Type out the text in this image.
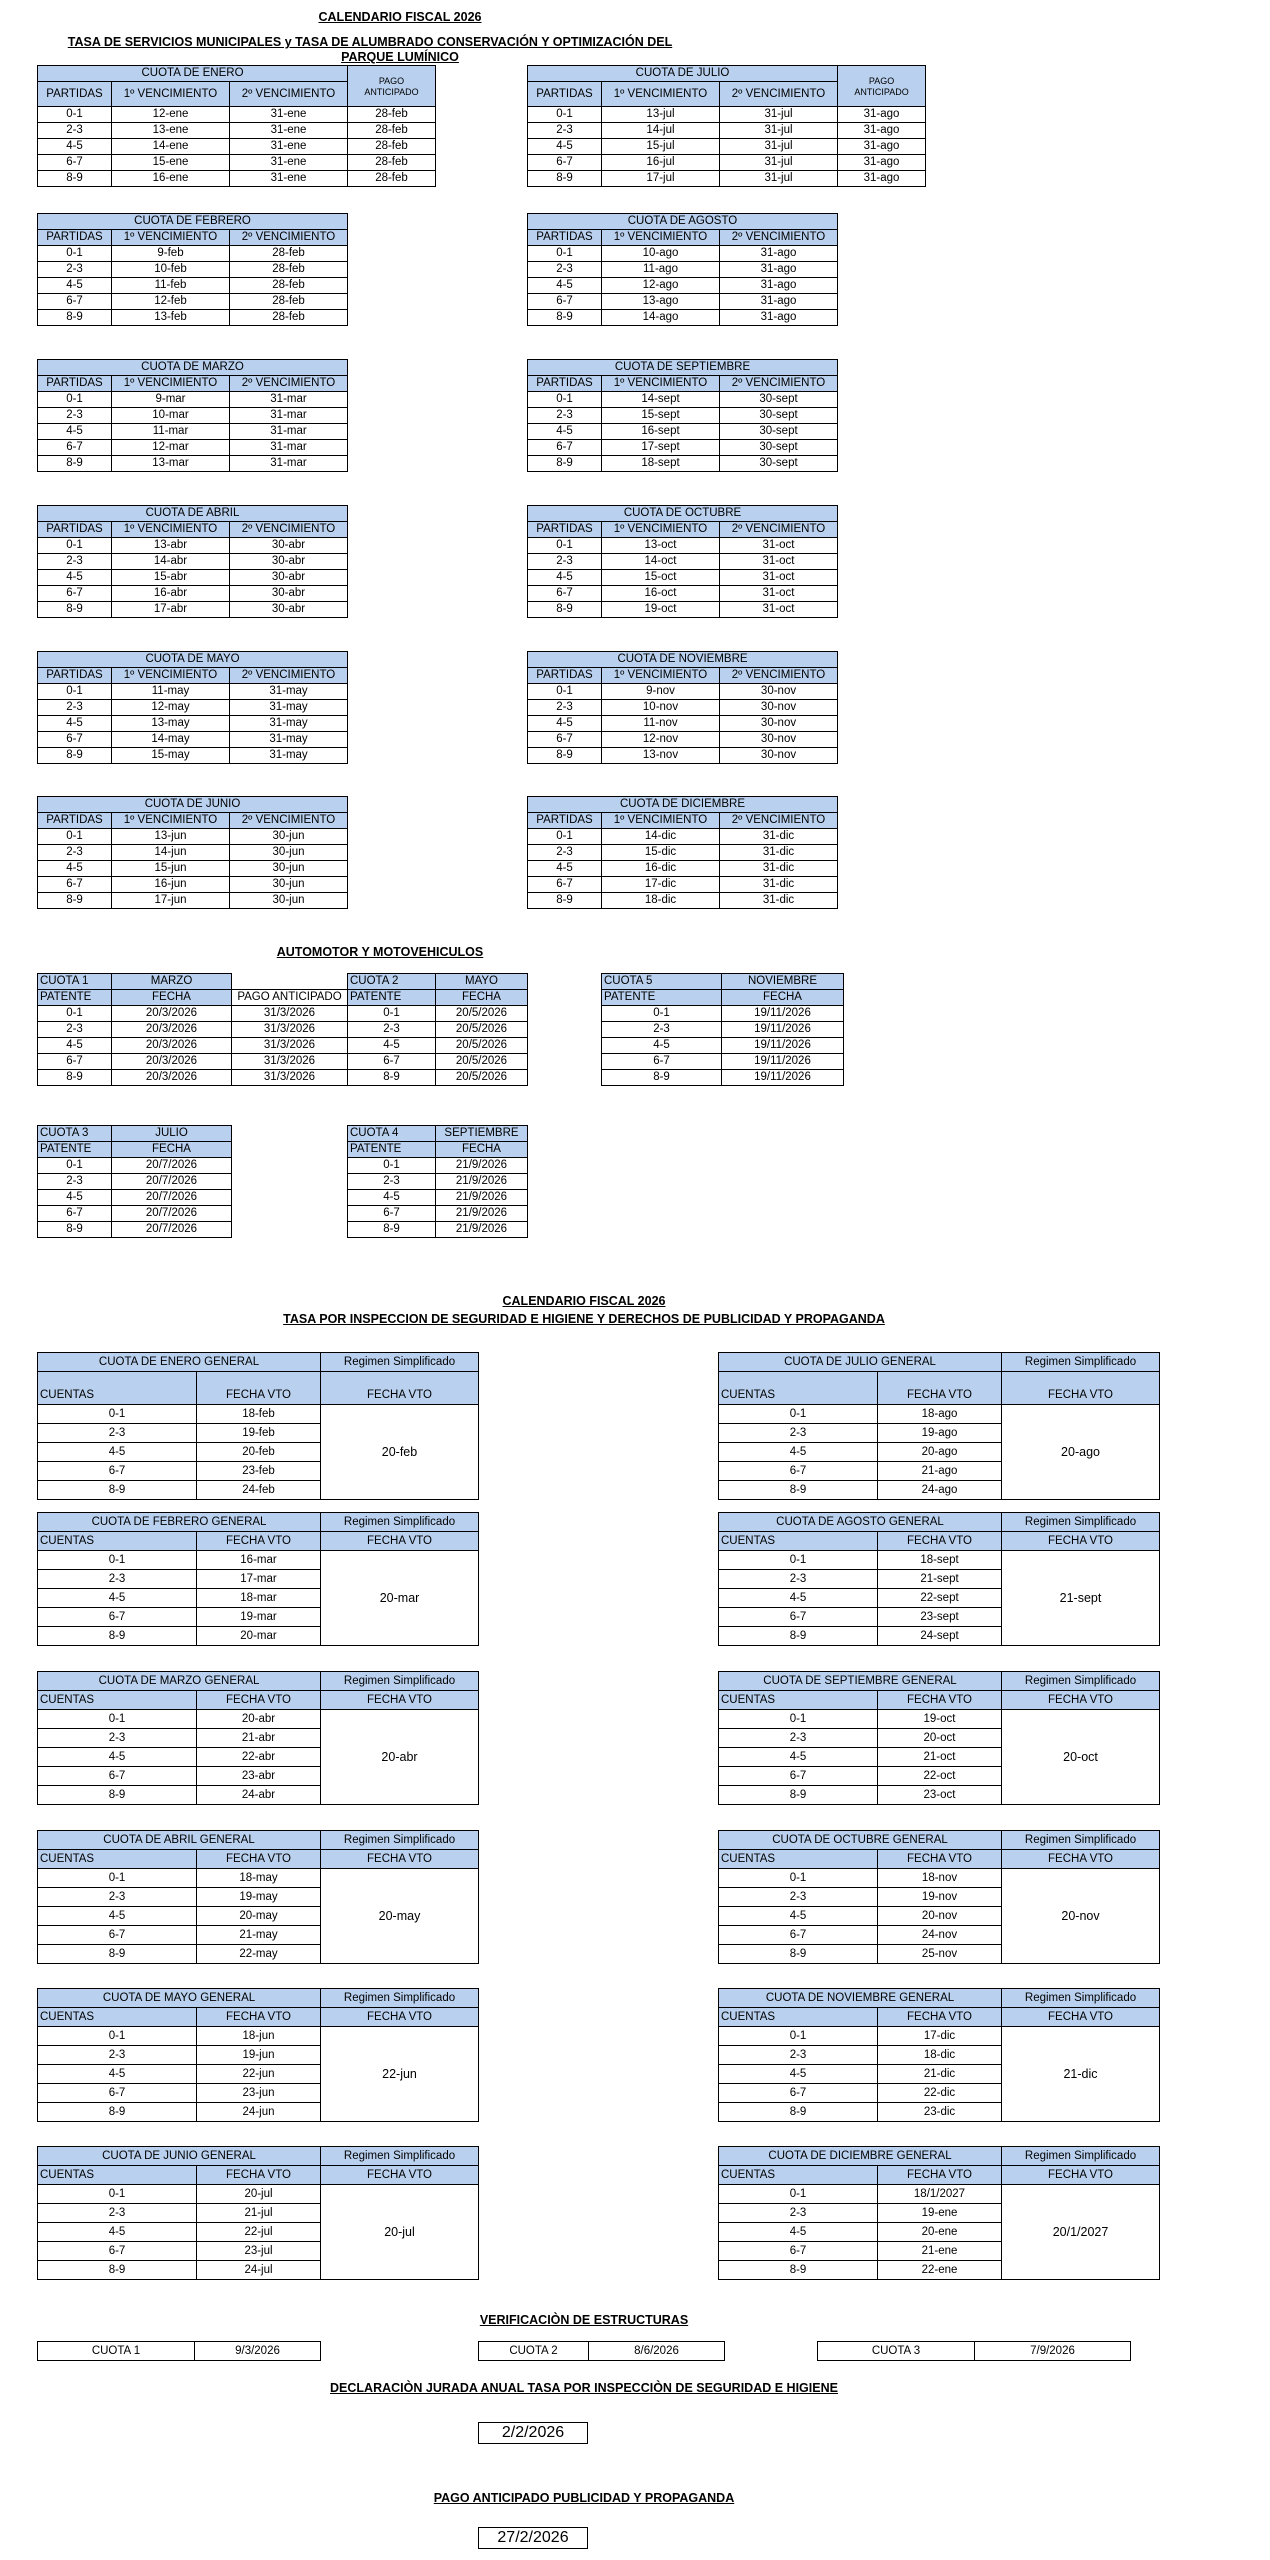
CALENDARIO FISCAL 2026
TASA DE SERVICIOS MUNICIPALES y TASA DE ALUMBRADO CONSERVACIÓN Y OPTIMIZACIÓN DEL
PARQUE LUMÍNICO
CUOTA DE ENERO			PAGO
ANTICIPADO
PARTIDAS	1º VENCIMIENTO	2º VENCIMIENTO	
0-1	12-ene	31-ene	28-feb
2-3	13-ene	31-ene	28-feb
4-5	14-ene	31-ene	28-feb
6-7	15-ene	31-ene	28-feb
8-9	16-ene	31-ene	28-feb
CUOTA DE FEBRERO		
PARTIDAS	1º VENCIMIENTO	2º VENCIMIENTO
0-1	9-feb	28-feb
2-3	10-feb	28-feb
4-5	11-feb	28-feb
6-7	12-feb	28-feb
8-9	13-feb	28-feb
CUOTA DE MARZO		
PARTIDAS	1º VENCIMIENTO	2º VENCIMIENTO
0-1	9-mar	31-mar
2-3	10-mar	31-mar
4-5	11-mar	31-mar
6-7	12-mar	31-mar
8-9	13-mar	31-mar
CUOTA DE ABRIL		
PARTIDAS	1º VENCIMIENTO	2º VENCIMIENTO
0-1	13-abr	30-abr
2-3	14-abr	30-abr
4-5	15-abr	30-abr
6-7	16-abr	30-abr
8-9	17-abr	30-abr
CUOTA DE MAYO		
PARTIDAS	1º VENCIMIENTO	2º VENCIMIENTO
0-1	11-may	31-may
2-3	12-may	31-may
4-5	13-may	31-may
6-7	14-may	31-may
8-9	15-may	31-may
CUOTA DE JUNIO		
PARTIDAS	1º VENCIMIENTO	2º VENCIMIENTO
0-1	13-jun	30-jun
2-3	14-jun	30-jun
4-5	15-jun	30-jun
6-7	16-jun	30-jun
8-9	17-jun	30-jun
CUOTA DE JULIO			PAGO
ANTICIPADO
PARTIDAS	1º VENCIMIENTO	2º VENCIMIENTO	
0-1	13-jul	31-jul	31-ago
2-3	14-jul	31-jul	31-ago
4-5	15-jul	31-jul	31-ago
6-7	16-jul	31-jul	31-ago
8-9	17-jul	31-jul	31-ago
CUOTA DE AGOSTO		
PARTIDAS	1º VENCIMIENTO	2º VENCIMIENTO
0-1	10-ago	31-ago
2-3	11-ago	31-ago
4-5	12-ago	31-ago
6-7	13-ago	31-ago
8-9	14-ago	31-ago
CUOTA DE SEPTIEMBRE		
PARTIDAS	1º VENCIMIENTO	2º VENCIMIENTO
0-1	14-sept	30-sept
2-3	15-sept	30-sept
4-5	16-sept	30-sept
6-7	17-sept	30-sept
8-9	18-sept	30-sept
CUOTA DE OCTUBRE		
PARTIDAS	1º VENCIMIENTO	2º VENCIMIENTO
0-1	13-oct	31-oct
2-3	14-oct	31-oct
4-5	15-oct	31-oct
6-7	16-oct	31-oct
8-9	19-oct	31-oct
CUOTA DE NOVIEMBRE		
PARTIDAS	1º VENCIMIENTO	2º VENCIMIENTO
0-1	9-nov	30-nov
2-3	10-nov	30-nov
4-5	11-nov	30-nov
6-7	12-nov	30-nov
8-9	13-nov	30-nov
CUOTA DE DICIEMBRE		
PARTIDAS	1º VENCIMIENTO	2º VENCIMIENTO
0-1	14-dic	31-dic
2-3	15-dic	31-dic
4-5	16-dic	31-dic
6-7	17-dic	31-dic
8-9	18-dic	31-dic
AUTOMOTOR Y MOTOVEHICULOS
CUOTA 1	MARZO	
PATENTE	FECHA	PAGO ANTICIPADO
0-1	20/3/2026	31/3/2026
2-3	20/3/2026	31/3/2026
4-5	20/3/2026	31/3/2026
6-7	20/3/2026	31/3/2026
8-9	20/3/2026	31/3/2026
CUOTA 2	MAYO
PATENTE	FECHA
0-1	20/5/2026
2-3	20/5/2026
4-5	20/5/2026
6-7	20/5/2026
8-9	20/5/2026
CUOTA 5	NOVIEMBRE
PATENTE	FECHA
0-1	19/11/2026
2-3	19/11/2026
4-5	19/11/2026
6-7	19/11/2026
8-9	19/11/2026
CUOTA 3	JULIO
PATENTE	FECHA
0-1	20/7/2026
2-3	20/7/2026
4-5	20/7/2026
6-7	20/7/2026
8-9	20/7/2026
CUOTA 4	SEPTIEMBRE
PATENTE	FECHA
0-1	21/9/2026
2-3	21/9/2026
4-5	21/9/2026
6-7	21/9/2026
8-9	21/9/2026
CALENDARIO FISCAL 2026
TASA POR INSPECCION DE SEGURIDAD E HIGIENE Y DERECHOS DE PUBLICIDAD Y PROPAGANDA
CUOTA DE ENERO GENERAL		Regimen Simplificado
CUENTAS	FECHA VTO	FECHA VTO
0-1	18-feb	20-feb
2-3	19-feb	
4-5	20-feb	
6-7	23-feb	
8-9	24-feb	
CUOTA DE FEBRERO GENERAL		Regimen Simplificado
CUENTAS	FECHA VTO	FECHA VTO
0-1	16-mar	20-mar
2-3	17-mar	
4-5	18-mar	
6-7	19-mar	
8-9	20-mar	
CUOTA DE MARZO GENERAL		Regimen Simplificado
CUENTAS	FECHA VTO	FECHA VTO
0-1	20-abr	20-abr
2-3	21-abr	
4-5	22-abr	
6-7	23-abr	
8-9	24-abr	
CUOTA DE ABRIL GENERAL		Regimen Simplificado
CUENTAS	FECHA VTO	FECHA VTO
0-1	18-may	20-may
2-3	19-may	
4-5	20-may	
6-7	21-may	
8-9	22-may	
CUOTA DE MAYO GENERAL		Regimen Simplificado
CUENTAS	FECHA VTO	FECHA VTO
0-1	18-jun	22-jun
2-3	19-jun	
4-5	22-jun	
6-7	23-jun	
8-9	24-jun	
CUOTA DE JUNIO GENERAL		Regimen Simplificado
CUENTAS	FECHA VTO	FECHA VTO
0-1	20-jul	20-jul
2-3	21-jul	
4-5	22-jul	
6-7	23-jul	
8-9	24-jul	
CUOTA DE JULIO GENERAL		Regimen Simplificado
CUENTAS	FECHA VTO	FECHA VTO
0-1	18-ago	20-ago
2-3	19-ago	
4-5	20-ago	
6-7	21-ago	
8-9	24-ago	
CUOTA DE AGOSTO GENERAL		Regimen Simplificado
CUENTAS	FECHA VTO	FECHA VTO
0-1	18-sept	21-sept
2-3	21-sept	
4-5	22-sept	
6-7	23-sept	
8-9	24-sept	
CUOTA DE SEPTIEMBRE GENERAL		Regimen Simplificado
CUENTAS	FECHA VTO	FECHA VTO
0-1	19-oct	20-oct
2-3	20-oct	
4-5	21-oct	
6-7	22-oct	
8-9	23-oct	
CUOTA DE OCTUBRE GENERAL		Regimen Simplificado
CUENTAS	FECHA VTO	FECHA VTO
0-1	18-nov	20-nov
2-3	19-nov	
4-5	20-nov	
6-7	24-nov	
8-9	25-nov	
CUOTA DE NOVIEMBRE GENERAL		Regimen Simplificado
CUENTAS	FECHA VTO	FECHA VTO
0-1	17-dic	21-dic
2-3	18-dic	
4-5	21-dic	
6-7	22-dic	
8-9	23-dic	
CUOTA DE DICIEMBRE GENERAL		Regimen Simplificado
CUENTAS	FECHA VTO	FECHA VTO
0-1	18/1/2027	20/1/2027
2-3	19-ene	
4-5	20-ene	
6-7	21-ene	
8-9	22-ene	
VERIFICACIÒN DE ESTRUCTURAS
CUOTA 1	9/3/2026	CUOTA 2	8/6/2026	CUOTA 3	7/9/2026
DECLARACIÒN JURADA ANUAL TASA POR INSPECCIÒN DE SEGURIDAD E HIGIENE
2/2/2026
PAGO ANTICIPADO PUBLICIDAD Y PROPAGANDA
27/2/2026
